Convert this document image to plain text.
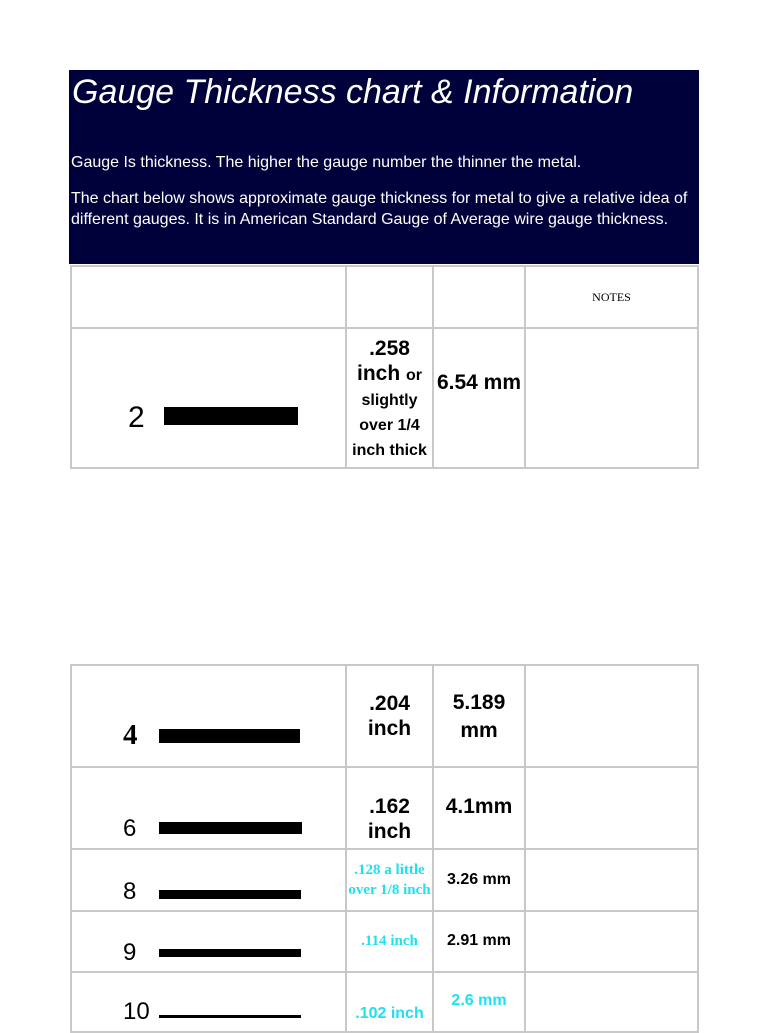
Gauge Thickness chart & Information

Gauge Is thickness. The higher the gauge number the thinner the metal.

The chart below shows approximate gauge thickness for metal to give a relative idea of different gauges. It is in American Standard Gauge of Average wire gauge thickness.

			NOTES

2	.258 inch or slightly over 1/4 inch thick	6.54 mm	
4	.204 inch	5.189 mm	

6	.162 inch	4.1mm	

8	.128 a little over 1/8 inch	3.26 mm	

9	.114 inch	2.91 mm	

10	.102 inch	2.6 mm	
